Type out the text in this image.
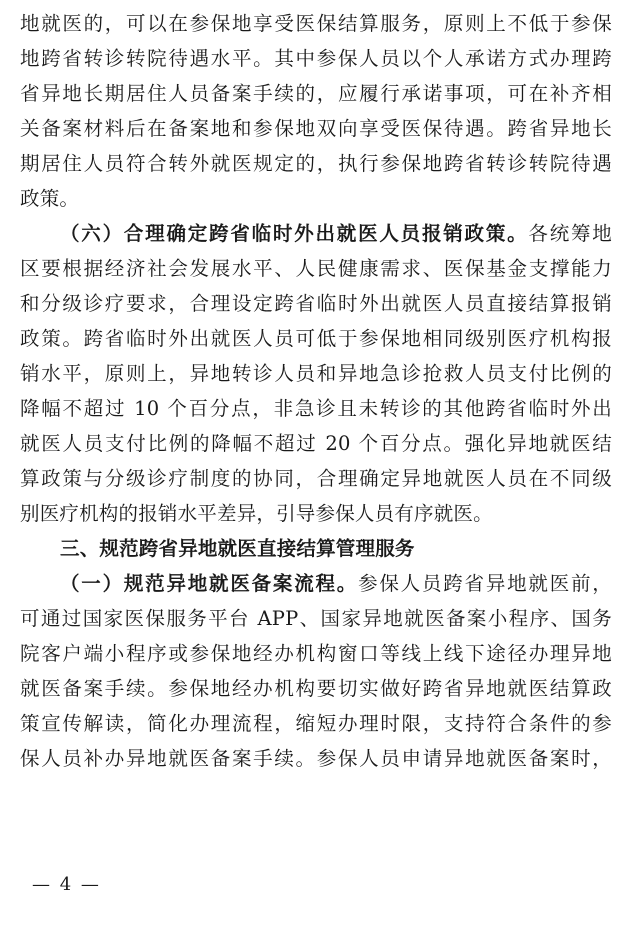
地就医的，可以在参保地享受医保结算服务，原则上不低于参保
地跨省转诊转院待遇水平。其中参保人员以个人承诺方式办理跨
省异地长期居住人员备案手续的，应履行承诺事项，可在补齐相
关备案材料后在备案地和参保地双向享受医保待遇。跨省异地长
期居住人员符合转外就医规定的，执行参保地跨省转诊转院待遇
政策。
（六）合理确定跨省临时外出就医人员报销政策。各统筹地
区要根据经济社会发展水平、人民健康需求、医保基金支撑能力
和分级诊疗要求，合理设定跨省临时外出就医人员直接结算报销
政策。跨省临时外出就医人员可低于参保地相同级别医疗机构报
销水平，原则上，异地转诊人员和异地急诊抢救人员支付比例的
降幅不超过 10 个百分点，非急诊且未转诊的其他跨省临时外出
就医人员支付比例的降幅不超过 20 个百分点。强化异地就医结
算政策与分级诊疗制度的协同，合理确定异地就医人员在不同级
别医疗机构的报销水平差异，引导参保人员有序就医。
三、规范跨省异地就医直接结算管理服务
（一）规范异地就医备案流程。参保人员跨省异地就医前，
可通过国家医保服务平台 APP、国家异地就医备案小程序、国务
院客户端小程序或参保地经办机构窗口等线上线下途径办理异地
就医备案手续。参保地经办机构要切实做好跨省异地就医结算政
策宣传解读，简化办理流程，缩短办理时限，支持符合条件的参
保人员补办异地就医备案手续。参保人员申请异地就医备案时，
— 4 —
